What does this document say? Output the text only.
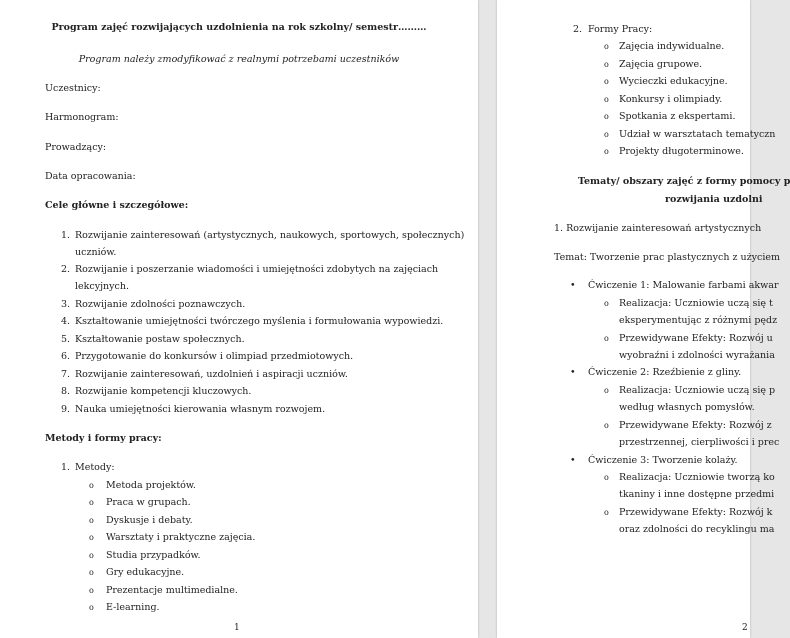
Program zajęć rozwijających uzdolnienia na rok szkolny/ semestr………
Program należy zmodyfikować z realnymi potrzebami uczestników
Uczestnicy:
Harmonogram:
Prowadzący:
Data opracowania:
Cele główne i szczegółowe:
1. Rozwijanie zainteresowań (artystycznych, naukowych, sportowych, społecznych)
uczniów.
2. Rozwijanie i poszerzanie wiadomości i umiejętności zdobytych na zajęciach
lekcyjnych.
3. Rozwijanie zdolności poznawczych.
4. Kształtowanie umiejętności twórczego myślenia i formułowania wypowiedzi.
5. Kształtowanie postaw społecznych.
6. Przygotowanie do konkursów i olimpiad przedmiotowych.
7. Rozwijanie zainteresowań, uzdolnień i aspiracji uczniów.
8. Rozwijanie kompetencji kluczowych.
9. Nauka umiejętności kierowania własnym rozwojem.
Metody i formy pracy:
1. Metody:
o Metoda projektów.
o Praca w grupach.
o Dyskusje i debaty.
o Warsztaty i praktyczne zajęcia.
o Studia przypadków.
o Gry edukacyjne.
o Prezentacje multimedialne.
o E-learning.
1
2. Formy Pracy:
o Zajęcia indywidualne.
o Zajęcia grupowe.
o Wycieczki edukacyjne.
o Konkursy i olimpiady.
o Spotkania z ekspertami.
o Udział w warsztatach tematyczn
o Projekty długoterminowe.
Tematy/ obszary zajęć z formy pomocy p
rozwijania uzdolni
1. Rozwijanie zainteresowań artystycznych
Temat: Tworzenie prac plastycznych z użyciem
• Ćwiczenie 1: Malowanie farbami akwar
o Realizacja: Uczniowie uczą się t
eksperymentując z różnymi pędz
o Przewidywane Efekty: Rozwój u
wyobraźni i zdolności wyrażania
• Ćwiczenie 2: Rzeźbienie z gliny.
o Realizacja: Uczniowie uczą się p
według własnych pomysłów.
o Przewidywane Efekty: Rozwój z
przestrzennej, cierpliwości i prec
• Ćwiczenie 3: Tworzenie kolaży.
o Realizacja: Uczniowie tworzą ko
tkaniny i inne dostępne przedmi
o Przewidywane Efekty: Rozwój k
oraz zdolności do recyklingu ma
2
